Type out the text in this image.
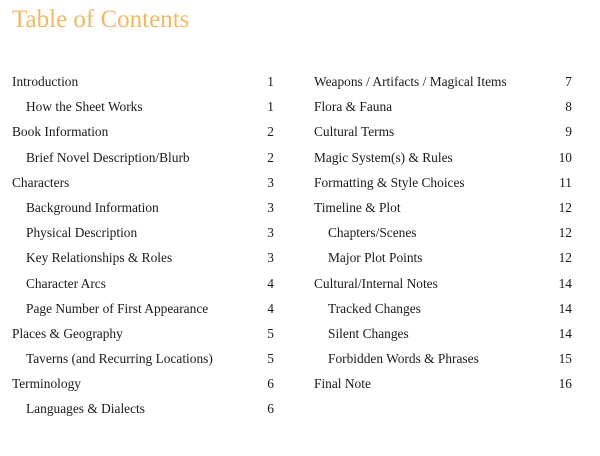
Table of Contents
Introduction	1
How the Sheet Works	1
Book Information	2
Brief Novel Description/Blurb	2
Characters	3
Background Information	3
Physical Description	3
Key Relationships & Roles	3
Character Arcs	4
Page Number of First Appearance	4
Places & Geography	5
Taverns (and Recurring Locations)	5
Terminology	6
Languages & Dialects	6
Weapons / Artifacts / Magical Items	7
Flora & Fauna	8
Cultural Terms	9
Magic System(s) & Rules	10
Formatting & Style Choices	11
Timeline & Plot	12
Chapters/Scenes	12
Major Plot Points	12
Cultural/Internal Notes	14
Tracked Changes	14
Silent Changes	14
Forbidden Words & Phrases	15
Final Note	16
